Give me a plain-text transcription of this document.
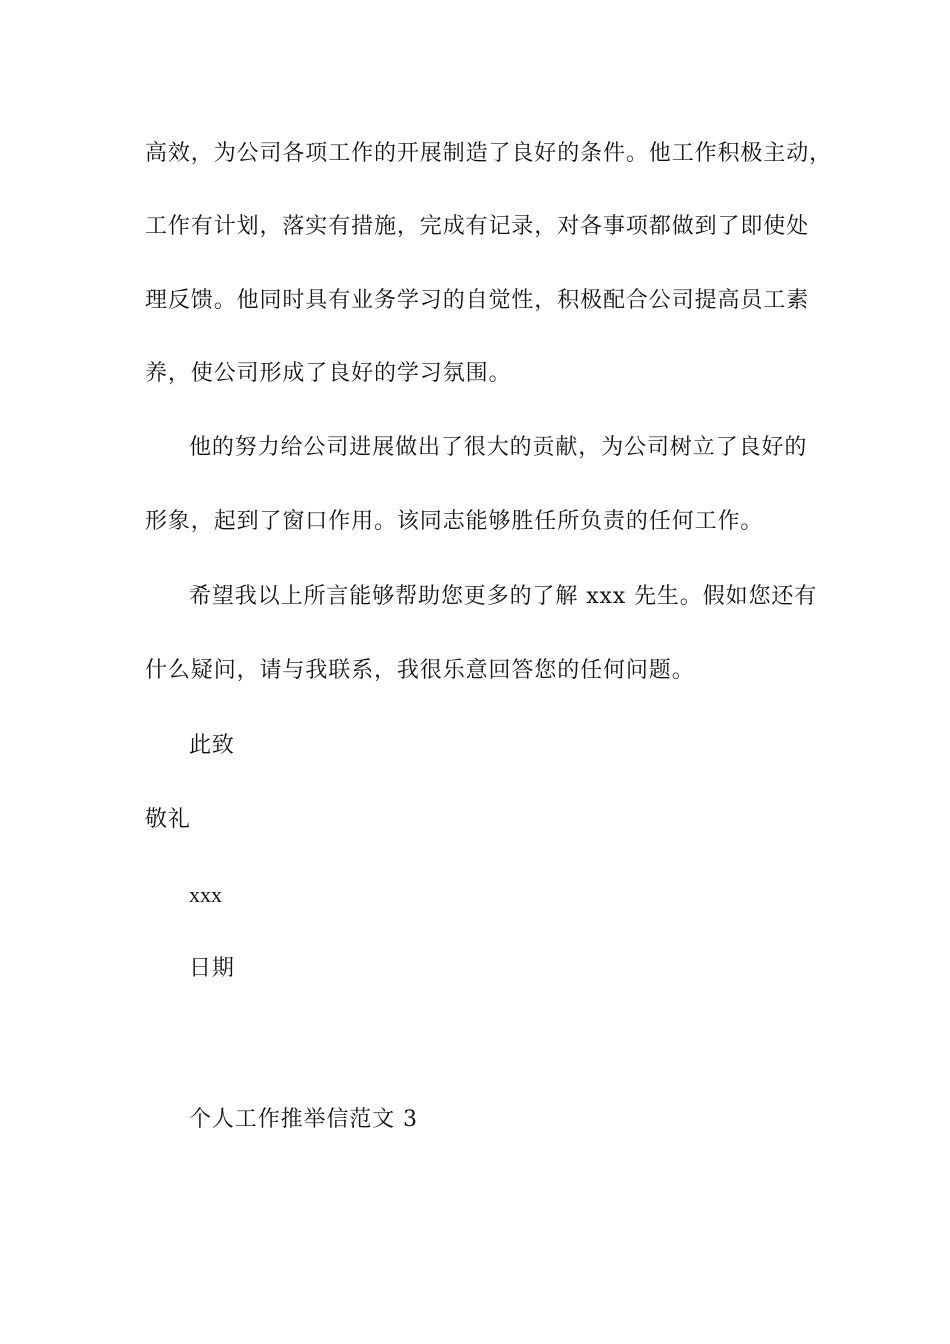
高效，为公司各项工作的开展制造了良好的条件。他工作积极主动，
工作有计划，落实有措施，完成有记录，对各事项都做到了即使处
理反馈。他同时具有业务学习的自觉性，积极配合公司提高员工素
养，使公司形成了良好的学习氛围。
他的努力给公司进展做出了很大的贡献，为公司树立了良好的
形象，起到了窗口作用。该同志能够胜任所负责的任何工作。
希望我以上所言能够帮助您更多的了解 xxx 先生。假如您还有
什么疑问，请与我联系，我很乐意回答您的任何问题。
此致
敬礼
xxx
日期
个人工作推举信范文 3
